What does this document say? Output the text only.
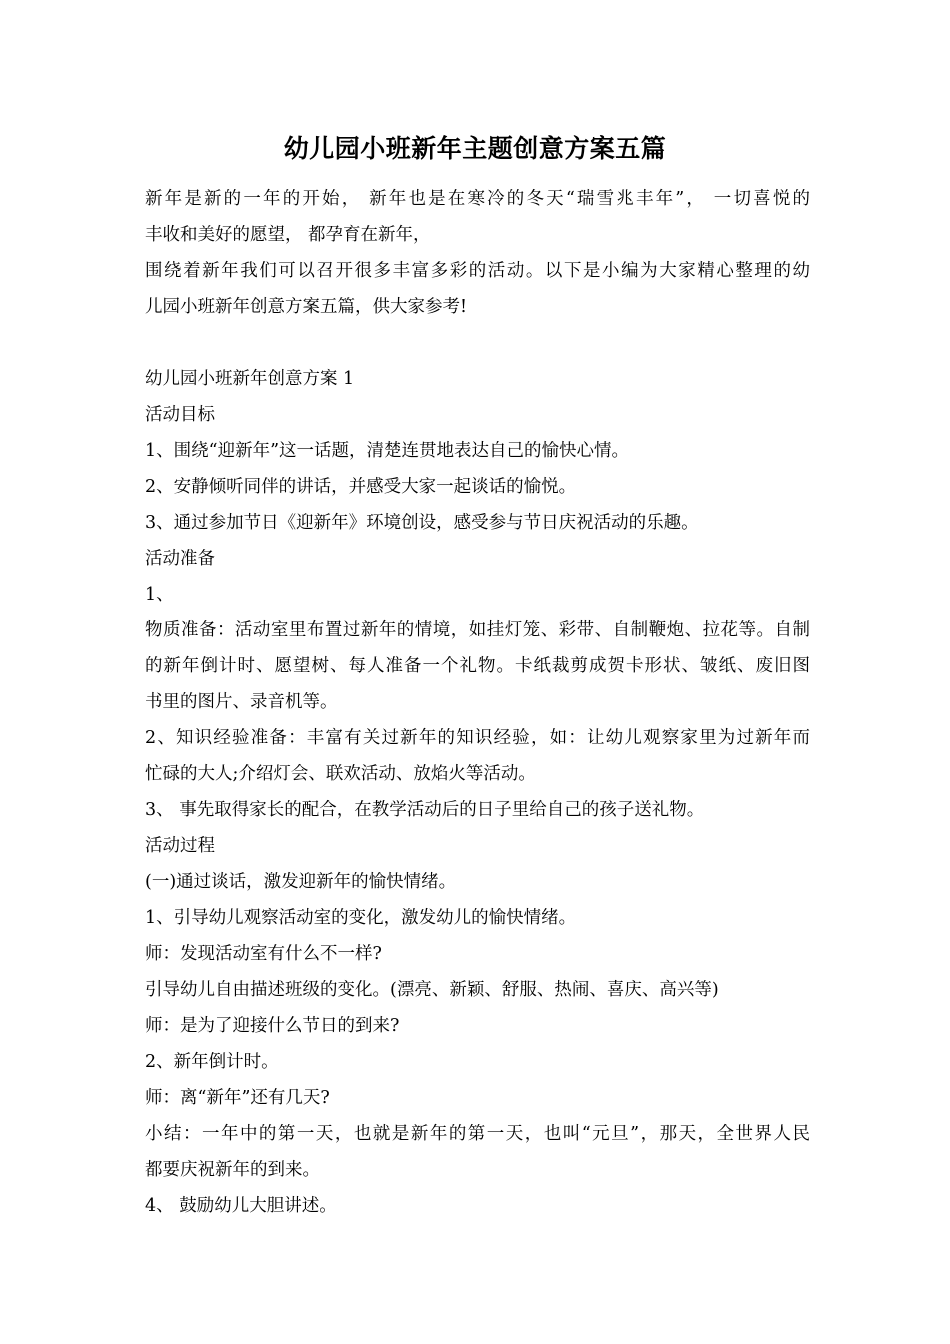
幼儿园小班新年主题创意方案五篇
新年是新的一年的开始， 新年也是在寒冷的冬天“瑞雪兆丰年”， 一切喜悦的
丰收和美好的愿望， 都孕育在新年，
围绕着新年我们可以召开很多丰富多彩的活动。以下是小编为大家精心整理的幼
儿园小班新年创意方案五篇，供大家参考!
幼儿园小班新年创意方案 1
活动目标
1、围绕“迎新年”这一话题，清楚连贯地表达自己的愉快心情。
2、安静倾听同伴的讲话，并感受大家一起谈话的愉悦。
3、通过参加节日《迎新年》环境创设，感受参与节日庆祝活动的乐趣。
活动准备
1、
物质准备：活动室里布置过新年的情境，如挂灯笼、彩带、自制鞭炮、拉花等。自制
的新年倒计时、愿望树、每人准备一个礼物。卡纸裁剪成贺卡形状、皱纸、废旧图
书里的图片、录音机等。
2、知识经验准备：丰富有关过新年的知识经验，如：让幼儿观察家里为过新年而
忙碌的大人;介绍灯会、联欢活动、放焰火等活动。
3、 事先取得家长的配合，在教学活动后的日子里给自己的孩子送礼物。
活动过程
(一)通过谈话，激发迎新年的愉快情绪。
1、引导幼儿观察活动室的变化，激发幼儿的愉快情绪。
师：发现活动室有什么不一样?
引导幼儿自由描述班级的变化。(漂亮、新颖、舒服、热闹、喜庆、高兴等)
师：是为了迎接什么节日的到来?
2、新年倒计时。
师：离“新年”还有几天?
小结：一年中的第一天，也就是新年的第一天，也叫“元旦”，那天，全世界人民
都要庆祝新年的到来。
4、 鼓励幼儿大胆讲述。
